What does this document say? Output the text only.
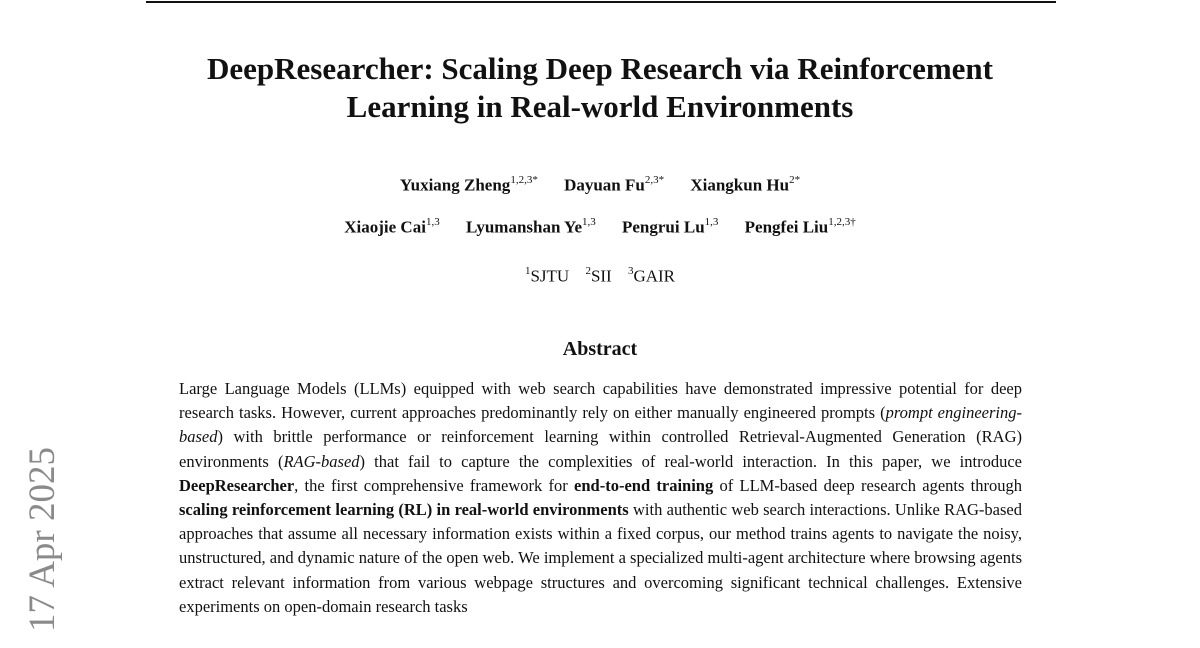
DeepResearcher: Scaling Deep Research via Reinforcement
Learning in Real-world Environments
Yuxiang Zheng$^{1,2,3*}$ Dayuan $Fu^{2,3*}$ Xiangkun $Hu^{2*}$
Xiaojie Cai$^{1,3}$ Lyumanshan Ye$^{1,3}$ Pengrui Lu$^{1,3}$ Pengfei Liu$^{1,2,3\dagger}$
$^1$SJTU $^2$SII $^3$GAIR
Abstract
Large Language Models (LLMs) equipped with web search capabilities have demonstrated impressive potential for deep research tasks. However, current approaches predominantly rely on either manually engineered prompts (prompt engineering-based) with brittle performance or reinforcement learning within controlled Retrieval-Augmented Generation (RAG) environments (RAG-based) that fail to capture the complexities of real-world interaction. In this paper, we introduce DeepResearcher, the first comprehensive framework for end-to-end training of LLM-based deep research agents through scaling reinforcement learning (RL) in real-world environments with authentic web search interactions. Unlike RAG-based approaches that assume all necessary information exists within a fixed corpus, our method trains agents to navigate the noisy, unstructured, and dynamic nature of the open web. We implement a specialized multi-agent architecture where browsing agents extract relevant information from various webpage structures and overcoming significant technical challenges. Extensive experiments on open-domain research tasks
17 Apr 2025
